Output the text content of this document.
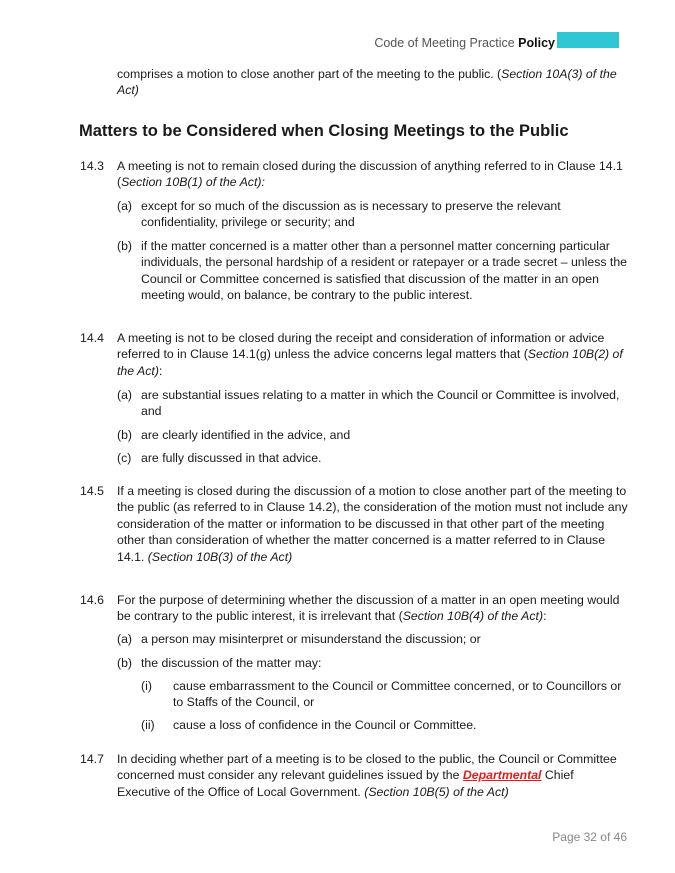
Code of Meeting Practice Policy
comprises a motion to close another part of the meeting to the public. (Section 10A(3) of the Act)
Matters to be Considered when Closing Meetings to the Public
14.3 A meeting is not to remain closed during the discussion of anything referred to in Clause 14.1 (Section 10B(1) of the Act):
(a) except for so much of the discussion as is necessary to preserve the relevant confidentiality, privilege or security; and
(b) if the matter concerned is a matter other than a personnel matter concerning particular individuals, the personal hardship of a resident or ratepayer or a trade secret – unless the Council or Committee concerned is satisfied that discussion of the matter in an open meeting would, on balance, be contrary to the public interest.
14.4 A meeting is not to be closed during the receipt and consideration of information or advice referred to in Clause 14.1(g) unless the advice concerns legal matters that (Section 10B(2) of the Act):
(a) are substantial issues relating to a matter in which the Council or Committee is involved, and
(b) are clearly identified in the advice, and
(c) are fully discussed in that advice.
14.5 If a meeting is closed during the discussion of a motion to close another part of the meeting to the public (as referred to in Clause 14.2), the consideration of the motion must not include any consideration of the matter or information to be discussed in that other part of the meeting other than consideration of whether the matter concerned is a matter referred to in Clause 14.1. (Section 10B(3) of the Act)
14.6 For the purpose of determining whether the discussion of a matter in an open meeting would be contrary to the public interest, it is irrelevant that (Section 10B(4) of the Act):
(a) a person may misinterpret or misunderstand the discussion; or
(b) the discussion of the matter may:
(i) cause embarrassment to the Council or Committee concerned, or to Councillors or to Staffs of the Council, or
(ii) cause a loss of confidence in the Council or Committee.
14.7 In deciding whether part of a meeting is to be closed to the public, the Council or Committee concerned must consider any relevant guidelines issued by the Departmental Chief Executive of the Office of Local Government. (Section 10B(5) of the Act)
Page 32 of 46
